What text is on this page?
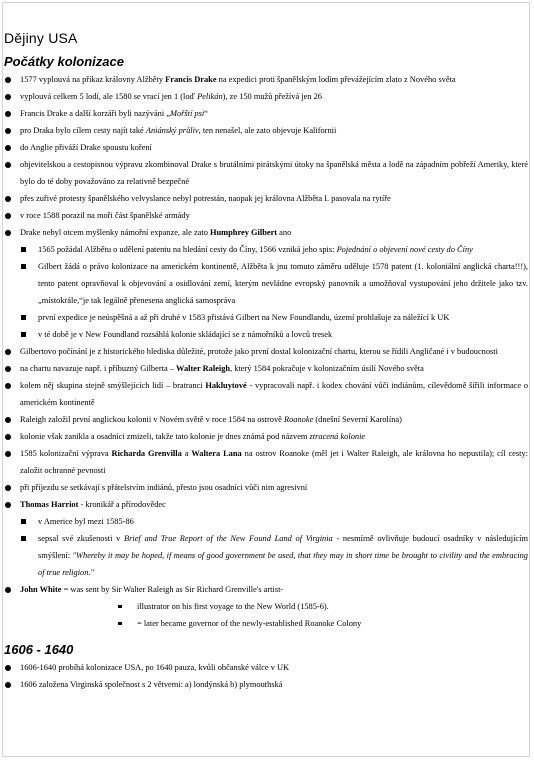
Dějiny USA
Počátky kolonizace
1577 vyplouvá na příkaz královny Alžběty Francis Drake na expedici proti španělským lodím převážejícím zlato z Nového světa
vyplouvá celkem 5 lodí, ale 1580 se vrací jen 1 (loď Pelikán), ze 150 mužů přežívá jen 26
Francis Drake a další korzáři byli nazýváni „Mořští psi“
pro Draka bylo cílem cesty najít také Aniánský průliv, ten nenašel, ale zato objevuje Kalifornii
do Anglie přiváží Drake spoustu koření
objevitelskou a cestopisnou výpravu zkombinoval Drake s brutálními pirátskými útoky na španělská města a lodě na západním pobřeží Ameriky, které bylo do té doby považováno za relativně bezpečné
přes zuřivé protesty španělského velvyslance nebyl potrestán, naopak jej královna Alžběta I. pasovala na rytíře
v roce 1588 porazil na moři část španělské armády
Drake nebyl otcem myšlenky námořní expanze, ale zato Humphrey Gilbert ano
1565 požádal Alžbětu o udělení patentu na hledání cesty do Číny, 1566 vzniká jeho spis: Pojednání o objevení nové cesty do Číny
Gilbert žádá o právo kolonizace na americkém kontinentě, Alžběta k jnu tomuto záměru uděluje 1578 patent (1. koloniální anglická charta!!!), tento patent opravňoval k objevování a osidlování zemí, kterým nevládne evropský panovník a umožňoval vystupování jeho držitele jako tzv. „místokrále,“je tak legálně přenesena anglická samospráva
první expedice je neúspěšná a až při druhé v 1583 přistává Gilbert na New Foundlandu, území prohlašuje za náležící k UK
v té době je v New Foundland rozsáhlá kolonie skládající se z námořníků a lovců tresek
Gilbertovo počínání je z historického hlediska důležité, protože jako první dostal kolonizační chartu, kterou se řídili Angličané i v budoucnosti
na chartu navazuje např. i příbuzný Gilberta – Walter Raleigh, který 1584 pokračuje v kolonizačním úsilí Nového světa
kolem něj skupina stejně smýšlejících lidí – bratranci Hakluytové - vypracovali např. i kodex chování vůči indiánům, cílevědomě šířili informace o americkém kontinentě
Raleigh založil první anglickou kolonii v Novém světě v roce 1584 na ostrově Roanoke (dnešní Severní Karolína)
kolonie však zanikla a osadníci zmizeli, takže tato kolonie je dnes známá pod názvem ztracená kolonie
1585 kolonizační výprava Richarda Grenvilla a Waltera Lana na ostrov Roanoke (měl jet i Walter Raleigh, ale královna ho nepustila); cíl cesty: založit ochranné pevnosti
při příjezdu se setkávají s přátelstvím indiánů, přesto jsou osadníci vůči nim agresivní
Thomas Harriot - kronikář a přírodovědec
v Americe byl mezi 1585-86
sepsal své zkušenosti v Brief and True Report of the New Found Land of Virginia - nesmírně ovlivňuje budoucí osadníky v následujícím smýšlení: "Whereby it may be hoped, if means of good government be used, that they may in short time be brought to civility and the embracing of true religion."
John White = was sent by Sir Walter Raleigh as Sir Richard Grenville's artist-
illustrator on his first voyage to the New World (1585-6).
= later became governor of the newly-established Roanoke Colony
1606 - 1640
1606-1640 probíhá kolonizace USA, po 1640 pauza, kvůli občanské válce v UK
1606 založena Virginská společnost s 2 větvemi: a) londýnská b) plymouthská
